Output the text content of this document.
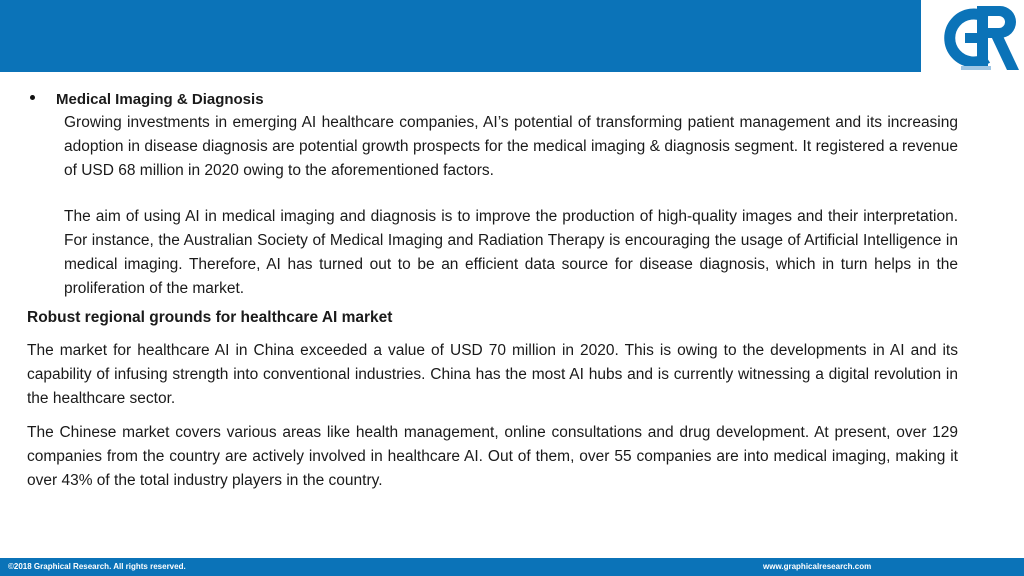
Medical Imaging & Diagnosis

Growing investments in emerging AI healthcare companies, AI’s potential of transforming patient management and its increasing adoption in disease diagnosis are potential growth prospects for the medical imaging & diagnosis segment. It registered a revenue of USD 68 million in 2020 owing to the aforementioned factors.

The aim of using AI in medical imaging and diagnosis is to improve the production of high-quality images and their interpretation. For instance, the Australian Society of Medical Imaging and Radiation Therapy is encouraging the usage of Artificial Intelligence in medical imaging. Therefore, AI has turned out to be an efficient data source for disease diagnosis, which in turn helps in the proliferation of the market.

Robust regional grounds for healthcare AI market

The market for healthcare AI in China exceeded a value of USD 70 million in 2020. This is owing to the developments in AI and its capability of infusing strength into conventional industries. China has the most AI hubs and is currently witnessing a digital revolution in the healthcare sector.

The Chinese market covers various areas like health management, online consultations and drug development. At present, over 129 companies from the country are actively involved in healthcare AI. Out of them, over 55 companies are into medical imaging, making it over 43% of the total industry players in the country.

©2018 Graphical Research. All rights reserved.	www.graphicalresearch.com
